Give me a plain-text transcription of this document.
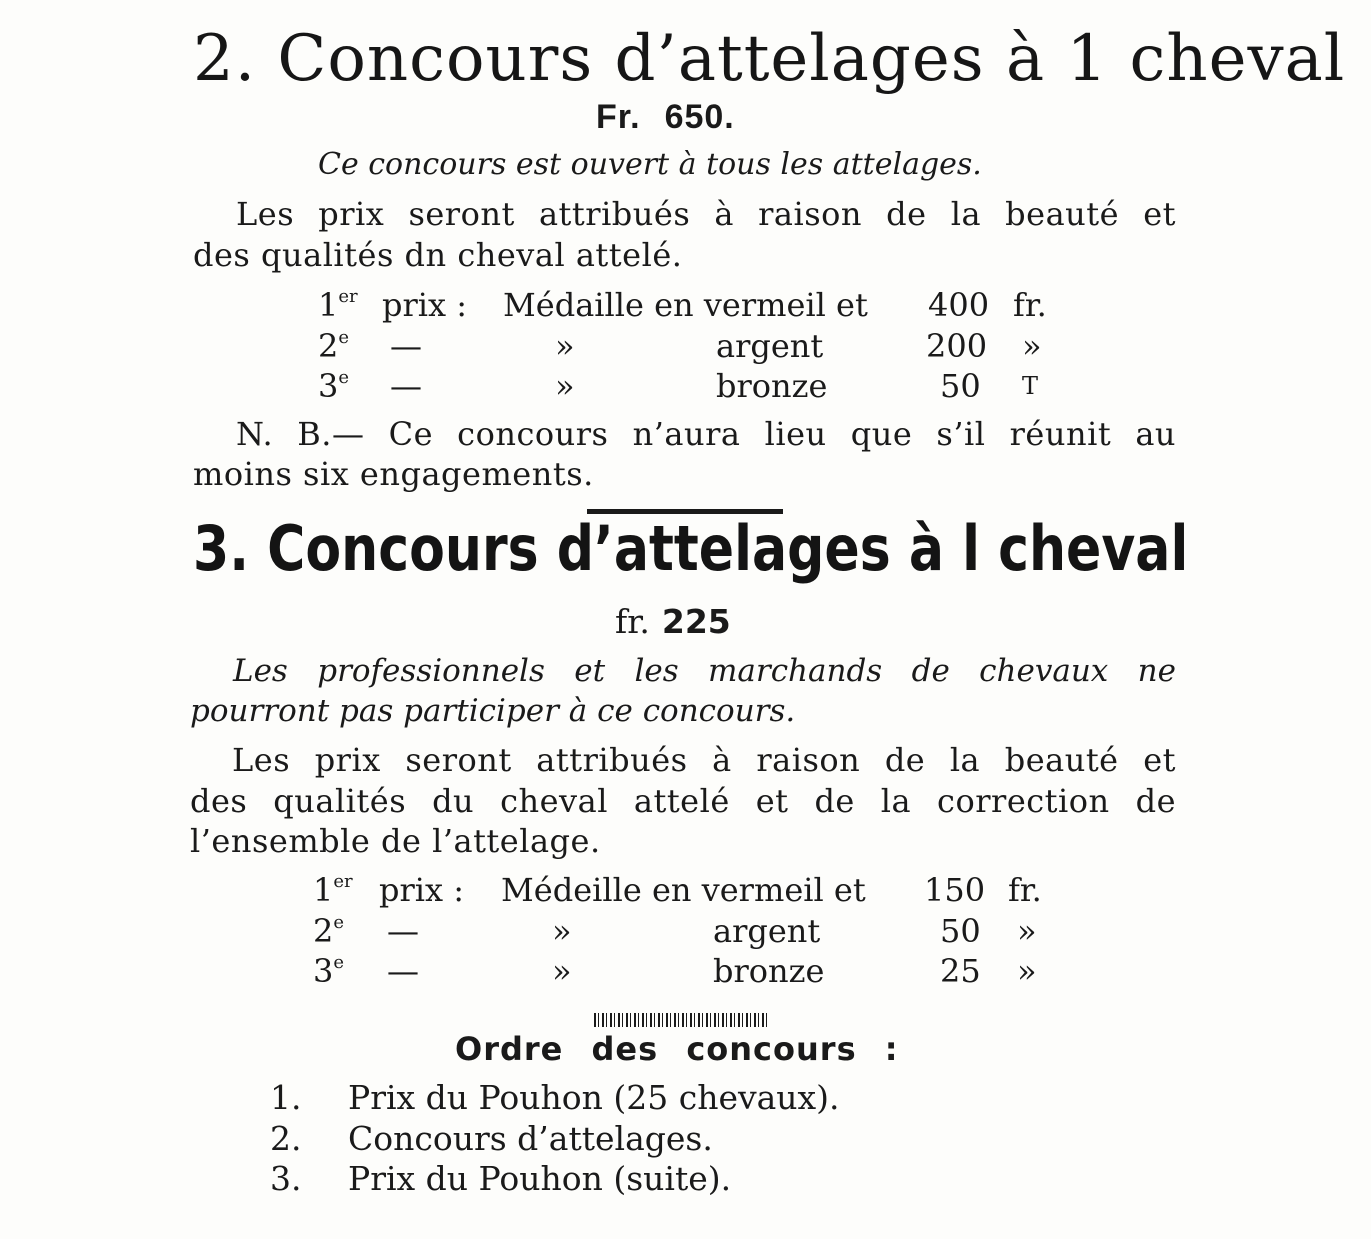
2. Concours d’attelages à 1 cheval
Fr. 650.
Ce concours est ouvert à tous les attelages.
Les prix seront attribués à raison de la beauté et
des qualités dn cheval attelé.
1er prix : Médaille en vermeil et 400 fr.
2e —	»	argent	200 »
3e —	»	bronze	50 T
N. B.— Ce concours n’aura lieu que s’il réunit au
moins six engagements.
3. Concours d’attelages à l cheval
fr. 225
Les professionnels et les marchands de chevaux ne
pourront pas participer à ce concours.
Les prix seront attribués à raison de la beauté et
des qualités du cheval attelé et de la correction de
l’ensemble de l’attelage.
1er prix : Médeille en vermeil et 150 fr.
2e —	»	argent	50 »
3e —	»	bronze	25 »
Ordre des concours :
1. Prix du Pouhon (25 chevaux).
2. Concours d’attelages.
3. Prix du Pouhon (suite).
